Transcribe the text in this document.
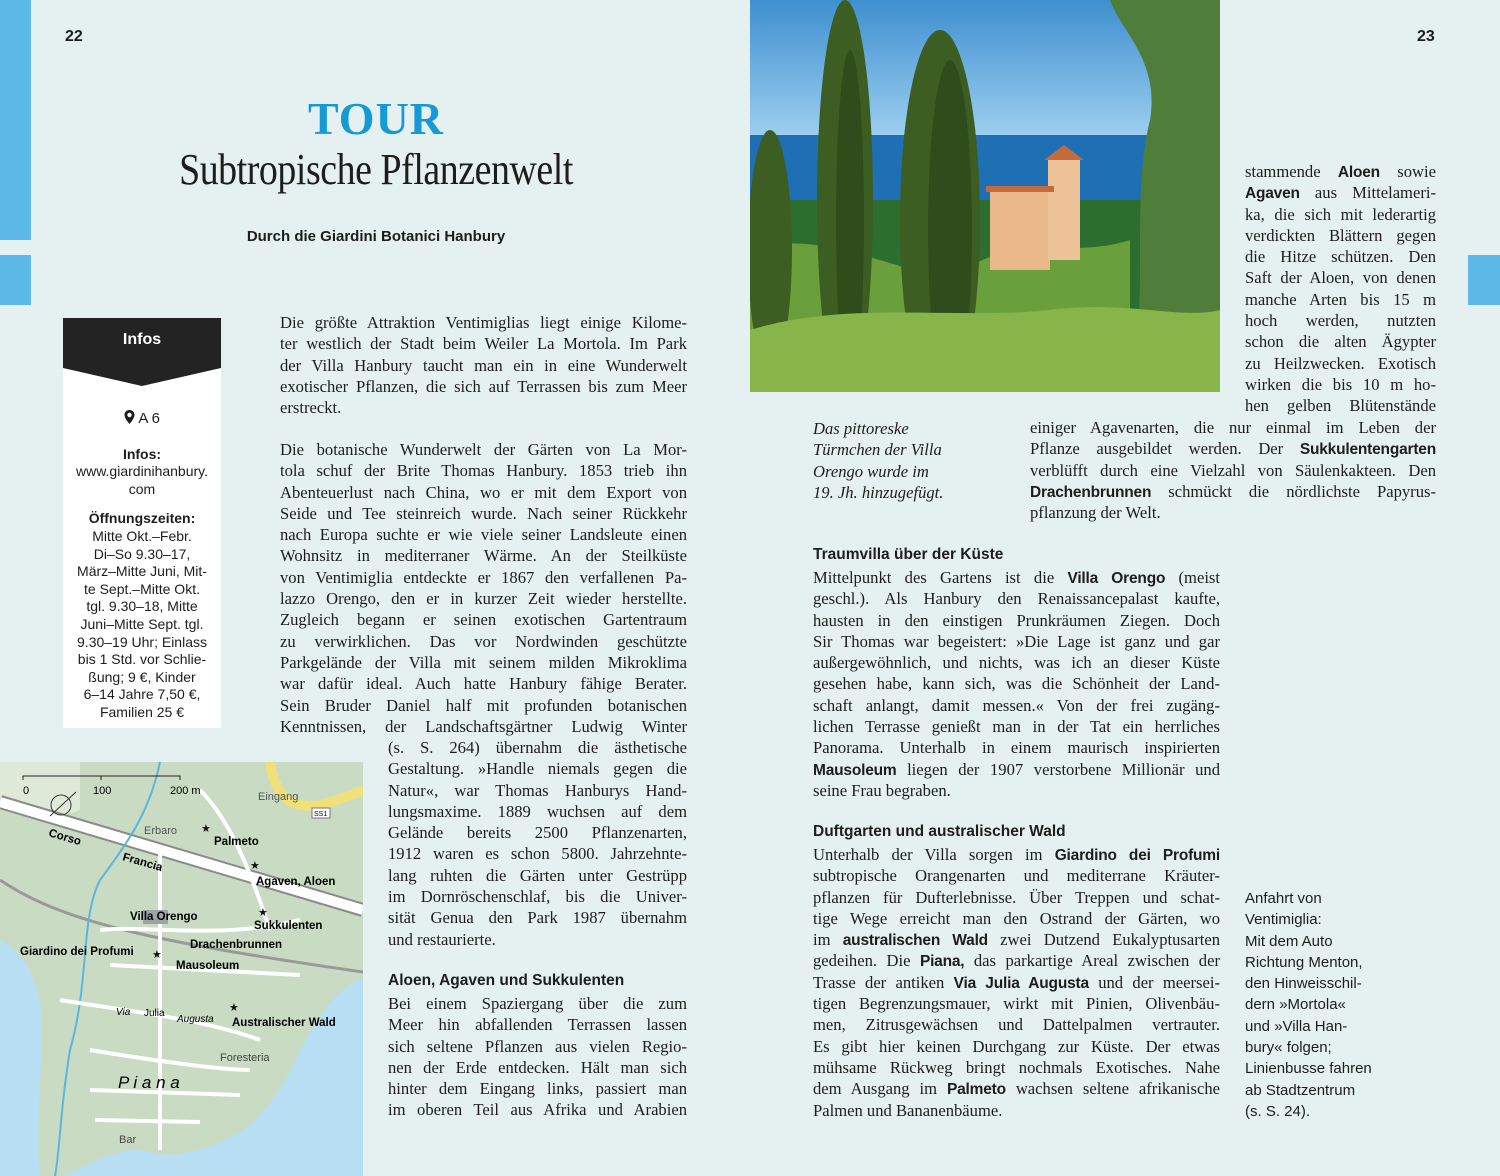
22	23
TOUR
Subtropische Pflanzenwelt
Durch die Giardini Botanici Hanbury
Infos
A 6
Infos:
www.giardinihanbury.
com
Öffnungszeiten:
Mitte Okt.–Febr.
Di–So 9.30–17,
März–Mitte Juni, Mit-
te Sept.–Mitte Okt.
tgl. 9.30–18, Mitte
Juni–Mitte Sept. tgl.
9.30–19 Uhr; Einlass
bis 1 Std. vor Schlie-
ßung; 9 €, Kinder
6–14 Jahre 7,50 €,
Familien 25 €
0	100	200 m	Eingang
SS1
Erbaro
Corso
Francia
★
★
★
★
★
Palmeto
Agaven, Aloen
Villa Orengo
Sukkulenten
Drachenbrunnen
Giardino dei Profumi
Mausoleum
Via Julia
Augusta Australischer Wald
Foresteria
P i a n a
Bar
Die größte Attraktion Ventimiglias liegt einige Kilome-
ter westlich der Stadt beim Weiler La Mortola. Im Park
der Villa Hanbury taucht man ein in eine Wunderwelt
exotischer Pflanzen, die sich auf Terrassen bis zum Meer
erstreckt.
Die botanische Wunderwelt der Gärten von La Mor-
tola schuf der Brite Thomas Hanbury. 1853 trieb ihn
Abenteuerlust nach China, wo er mit dem Export von
Seide und Tee steinreich wurde. Nach seiner Rückkehr
nach Europa suchte er wie viele seiner Landsleute einen
Wohnsitz in mediterraner Wärme. An der Steilküste
von Ventimiglia entdeckte er 1867 den verfallenen Pa-
lazzo Orengo, den er in kurzer Zeit wieder herstellte.
Zugleich begann er seinen exotischen Gartentraum
zu verwirklichen. Das vor Nordwinden geschützte
Parkgelände der Villa mit seinem milden Mikroklima
war dafür ideal. Auch hatte Hanbury fähige Berater.
Sein Bruder Daniel half mit profunden botanischen
Kenntnissen, der Landschaftsgärtner Ludwig Winter
(s. S. 264) übernahm die ästhetische
Gestaltung. »Handle niemals gegen die
Natur«, war Thomas Hanburys Hand-
lungsmaxime. 1889 wuchsen auf dem
Gelände bereits 2500 Pflanzenarten,
1912 waren es schon 5800. Jahrzehnte-
lang ruhten die Gärten unter Gestrüpp
im Dornröschenschlaf, bis die Univer-
sität Genua den Park 1987 übernahm
und restaurierte.
Aloen, Agaven und Sukkulenten
Bei einem Spaziergang über die zum
Meer hin abfallenden Terrassen lassen
sich seltene Pflanzen aus vielen Regio-
nen der Erde entdecken. Hält man sich
hinter dem Eingang links, passiert man
im oberen Teil aus Afrika und Arabien
Das pittoreske
Türmchen der Villa
Orengo wurde im
19. Jh. hinzugefügt.
stammende Aloen sowie
Agaven aus Mittelameri-
ka, die sich mit lederartig
verdickten Blättern gegen
die Hitze schützen. Den
Saft der Aloen, von denen
manche Arten bis 15 m
hoch werden, nutzten
schon die alten Ägypter
zu Heilzwecken. Exotisch
wirken die bis 10 m ho-
hen gelben Blütenstände
einiger Agavenarten, die nur einmal im Leben der
Pflanze ausgebildet werden. Der Sukkulentengarten
verblüfft durch eine Vielzahl von Säulenkakteen. Den
Drachenbrunnen schmückt die nördlichste Papyrus-
pflanzung der Welt.
Traumvilla über der Küste
Mittelpunkt des Gartens ist die Villa Orengo (meist
geschl.). Als Hanbury den Renaissancepalast kaufte,
hausten in den einstigen Prunkräumen Ziegen. Doch
Sir Thomas war begeistert: »Die Lage ist ganz und gar
außergewöhnlich, und nichts, was ich an dieser Küste
gesehen habe, kann sich, was die Schönheit der Land-
schaft anlangt, damit messen.« Von der frei zugäng-
lichen Terrasse genießt man in der Tat ein herrliches
Panorama. Unterhalb in einem maurisch inspirierten
Mausoleum liegen der 1907 verstorbene Millionär und
seine Frau begraben.
Duftgarten und australischer Wald
Unterhalb der Villa sorgen im Giardino dei Profumi
subtropische Orangenarten und mediterrane Kräuter-
pflanzen für Dufterlebnisse. Über Treppen und schat-
tige Wege erreicht man den Ostrand der Gärten, wo
im australischen Wald zwei Dutzend Eukalyptusarten
gedeihen. Die Piana, das parkartige Areal zwischen der
Trasse der antiken Via Julia Augusta und der meersei-
tigen Begrenzungsmauer, wirkt mit Pinien, Olivenbäu-
men, Zitrusgewächsen und Dattelpalmen vertrauter.
Es gibt hier keinen Durchgang zur Küste. Der etwas
mühsame Rückweg bringt nochmals Exotisches. Nahe
dem Ausgang im Palmeto wachsen seltene afrikanische
Palmen und Bananenbäume.
Anfahrt von
Ventimiglia:
Mit dem Auto
Richtung Menton,
den Hinweisschil-
dern »Mortola«
und »Villa Han-
bury« folgen;
Linienbusse fahren
ab Stadtzentrum
(s. S. 24).
